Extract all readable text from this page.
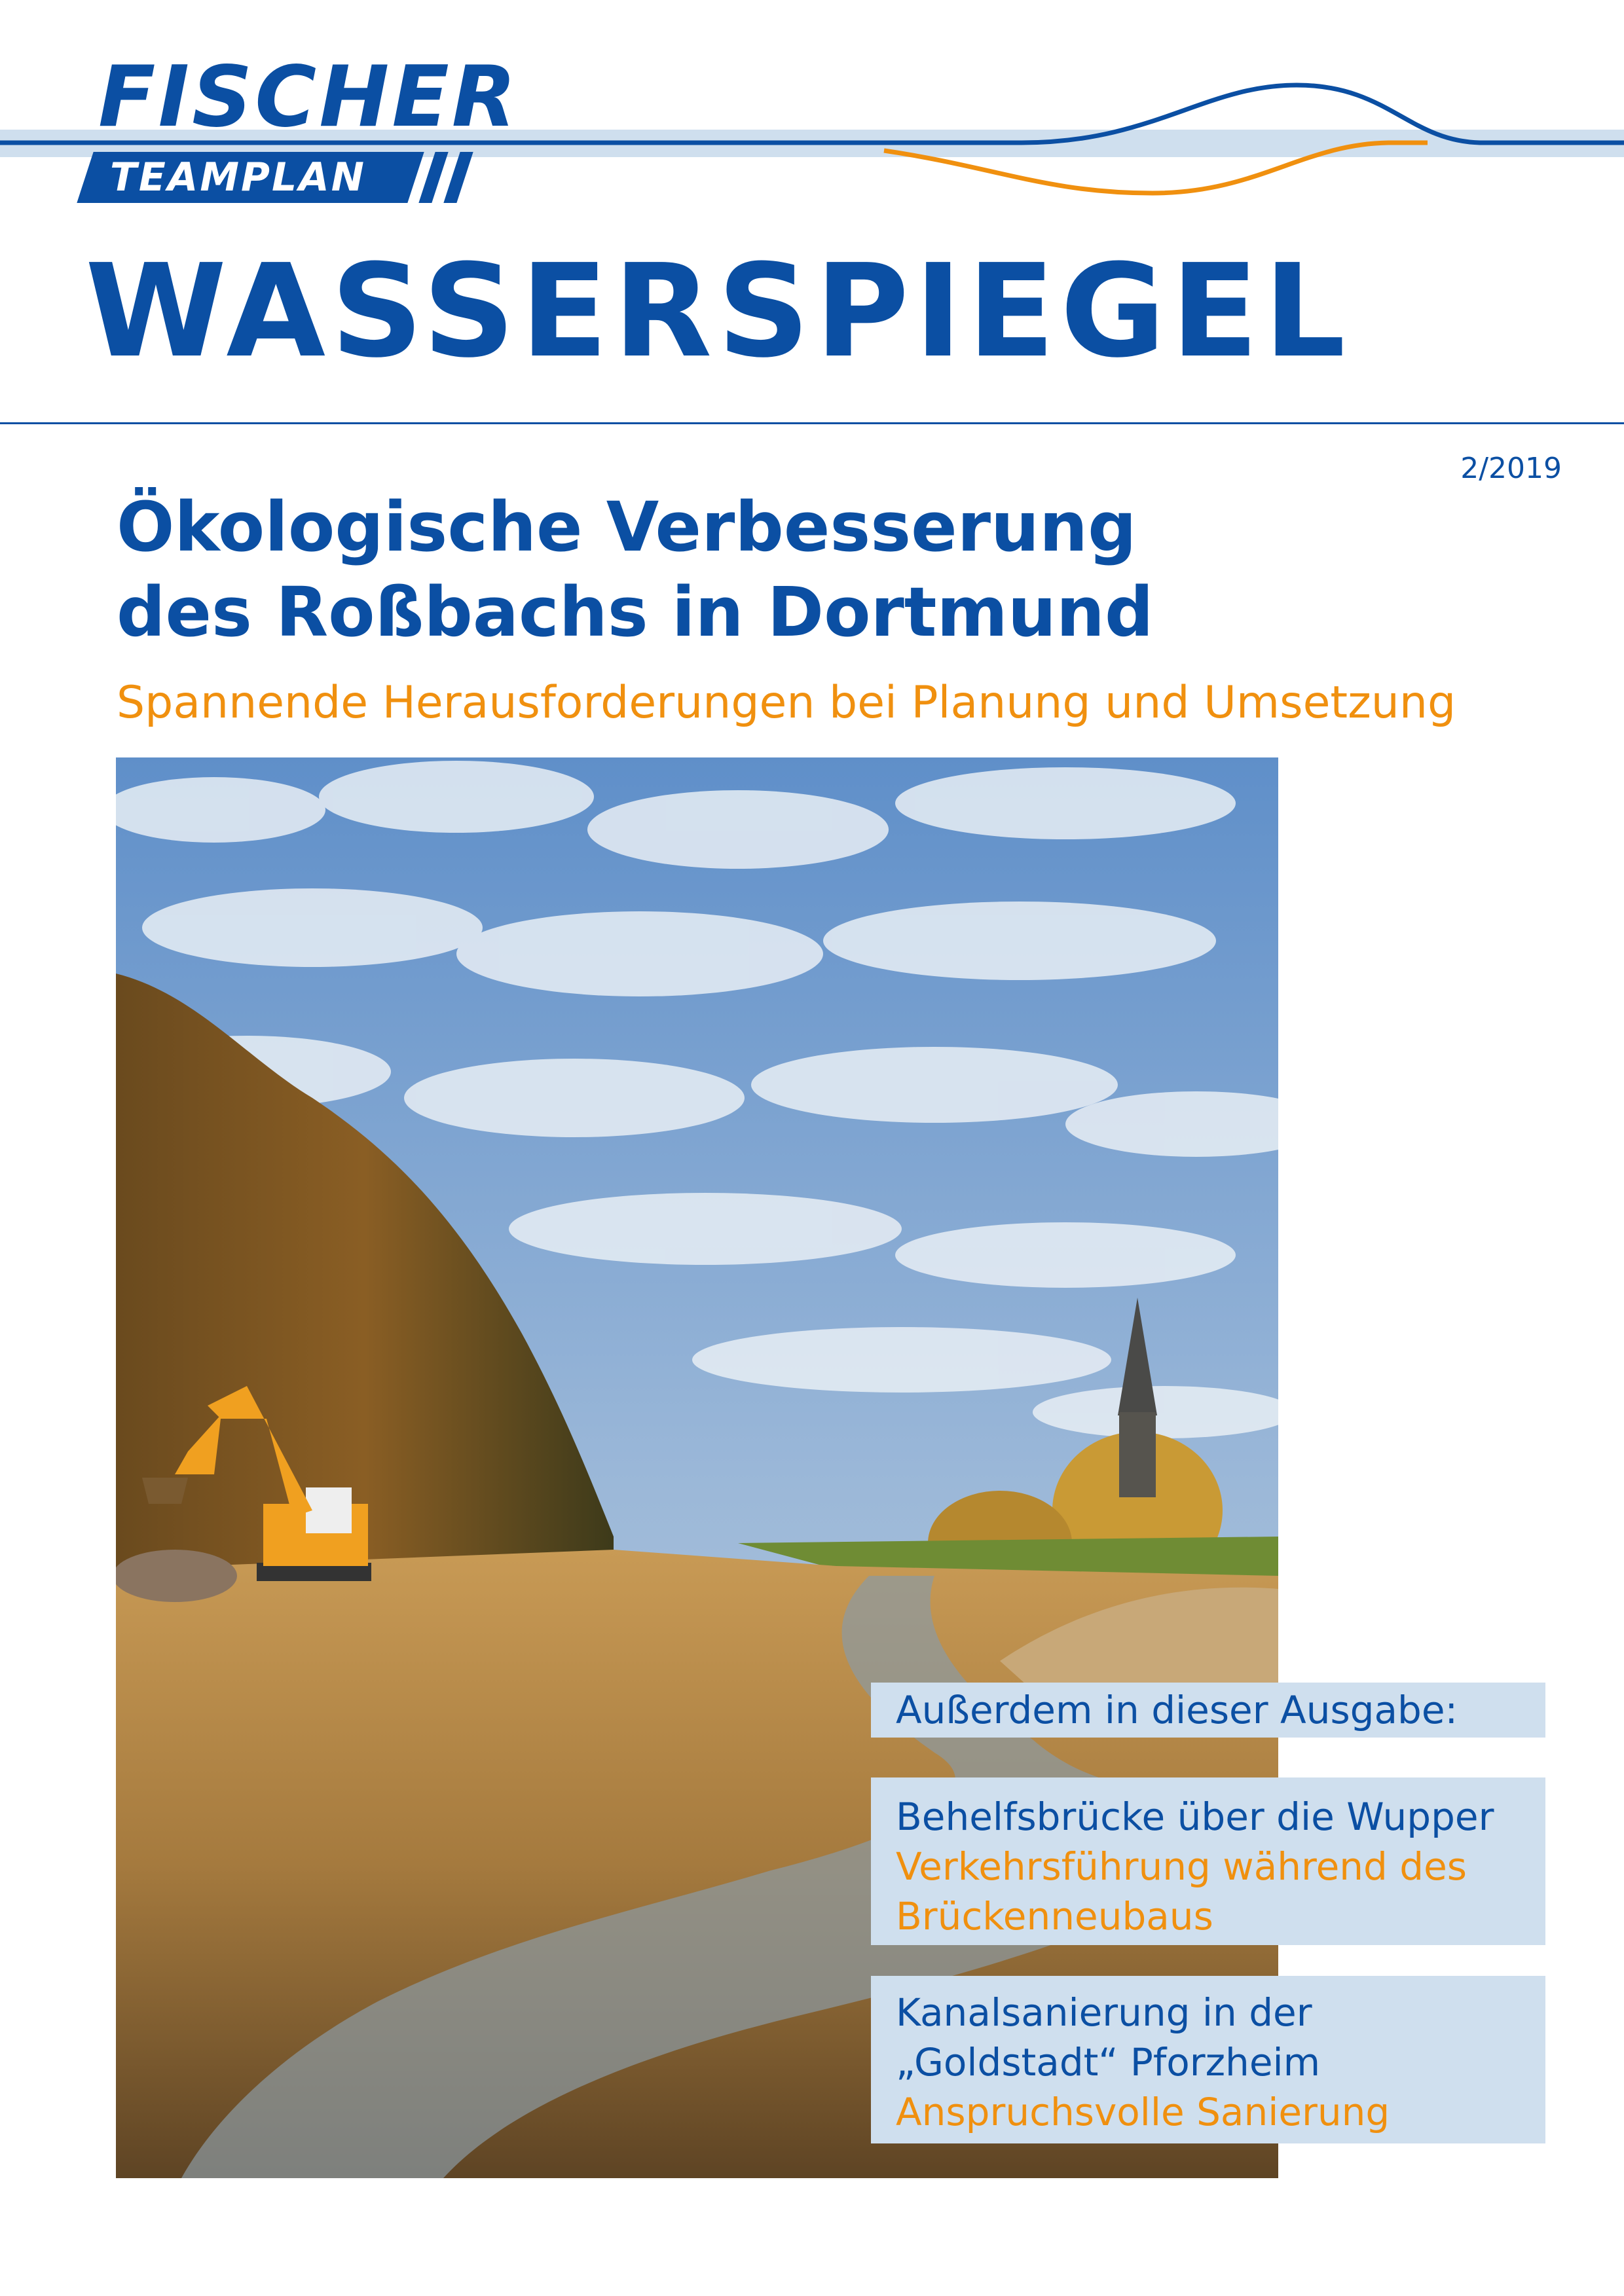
FISCHER
TEAMPLAN
WASSERSPIEGEL
2/2019
Ökologische Verbesserung
des Roßbachs in Dortmund
Spannende Herausforderungen bei Planung und Umsetzung
Außerdem in dieser Ausgabe:
Behelfsbrücke über die Wupper
Verkehrsführung während des
Brückenneubaus
Kanalsanierung in der
„Goldstadt“ Pforzheim
Anspruchsvolle Sanierung
